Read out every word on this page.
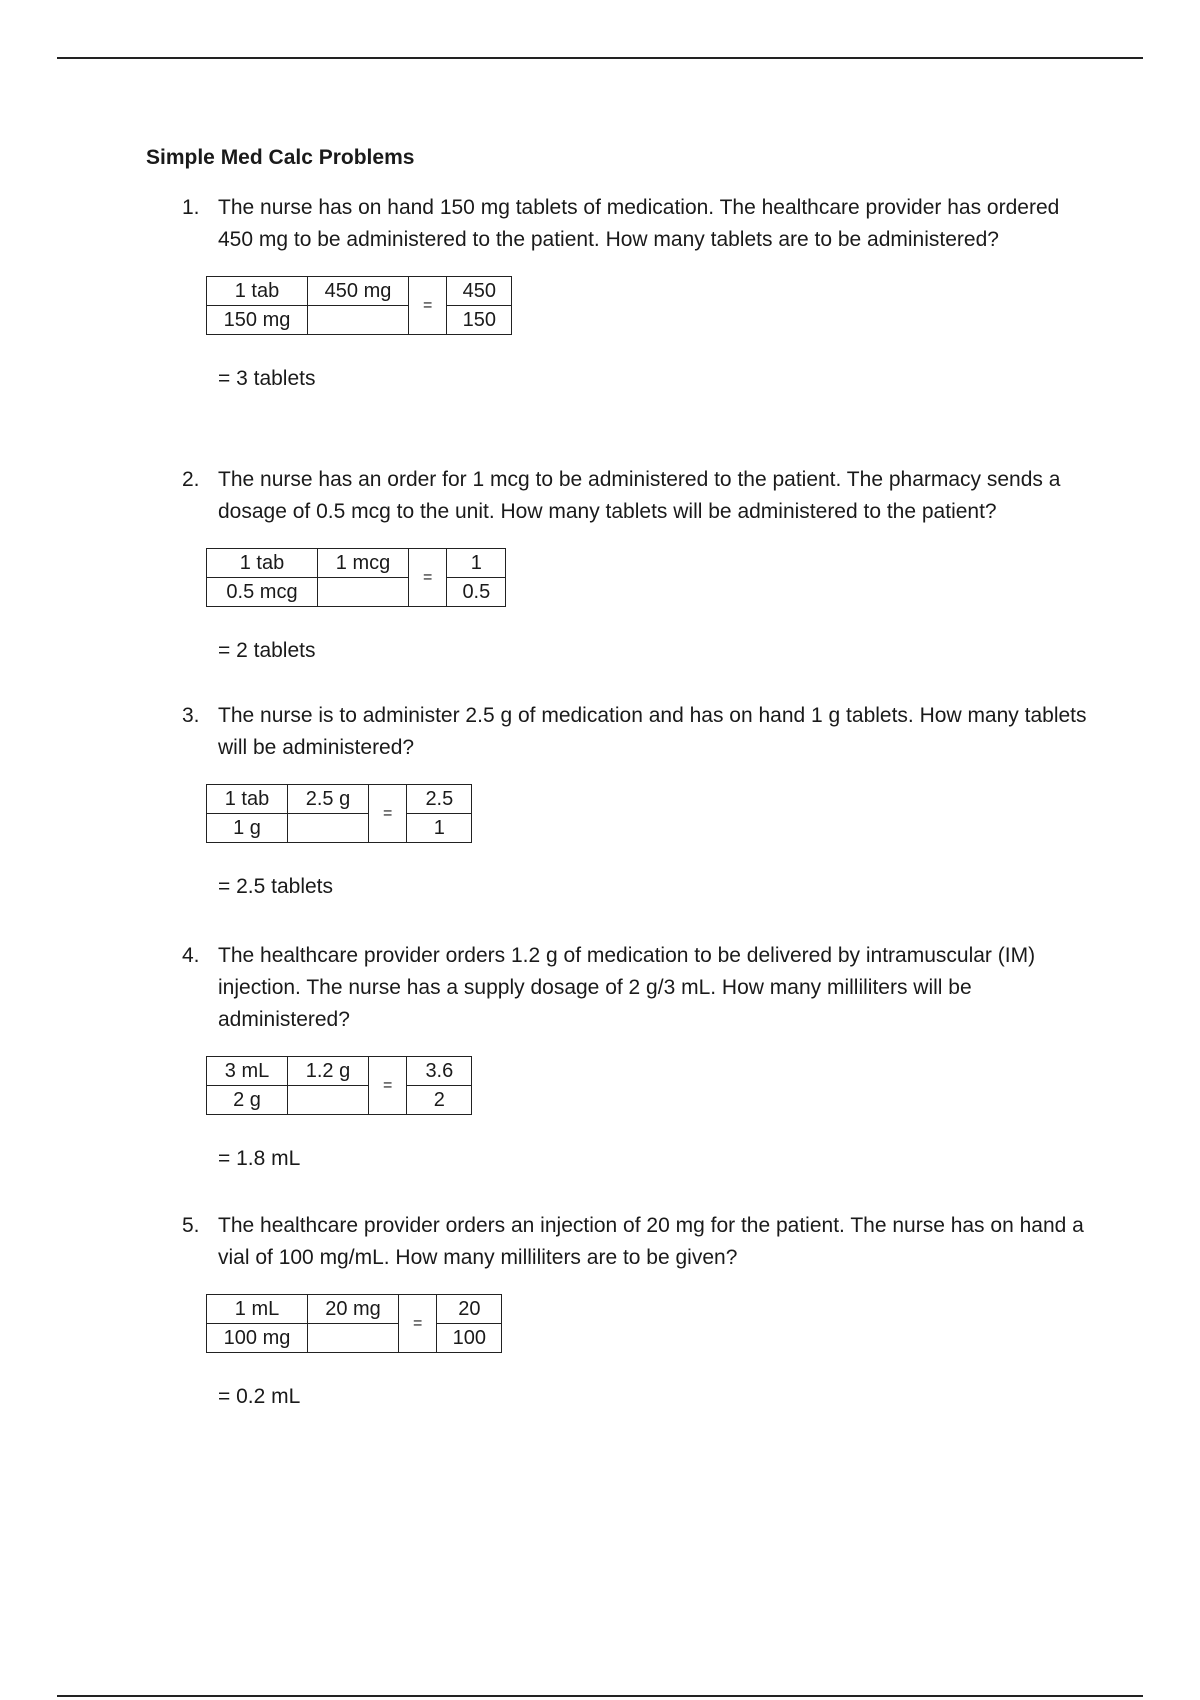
Simple Med Calc Problems
1. The nurse has on hand 150 mg tablets of medication. The healthcare provider has ordered 450 mg to be administered to the patient. How many tablets are to be administered?
1 tab	450 mg	=	450
150 mg			150
= 3 tablets
2. The nurse has an order for 1 mcg to be administered to the patient. The pharmacy sends a dosage of 0.5 mcg to the unit. How many tablets will be administered to the patient?
1 tab	1 mcg	=	1
0.5 mcg			0.5
= 2 tablets
3. The nurse is to administer 2.5 g of medication and has on hand 1 g tablets. How many tablets will be administered?
1 tab	2.5 g	=	2.5
1 g			1
= 2.5 tablets
4. The healthcare provider orders 1.2 g of medication to be delivered by intramuscular (IM) injection. The nurse has a supply dosage of 2 g/3 mL. How many milliliters will be administered?
3 mL	1.2 g	=	3.6
2 g			2
= 1.8 mL
5. The healthcare provider orders an injection of 20 mg for the patient. The nurse has on hand a vial of 100 mg/mL. How many milliliters are to be given?
1 mL	20 mg	=	20
100 mg			100
= 0.2 mL
